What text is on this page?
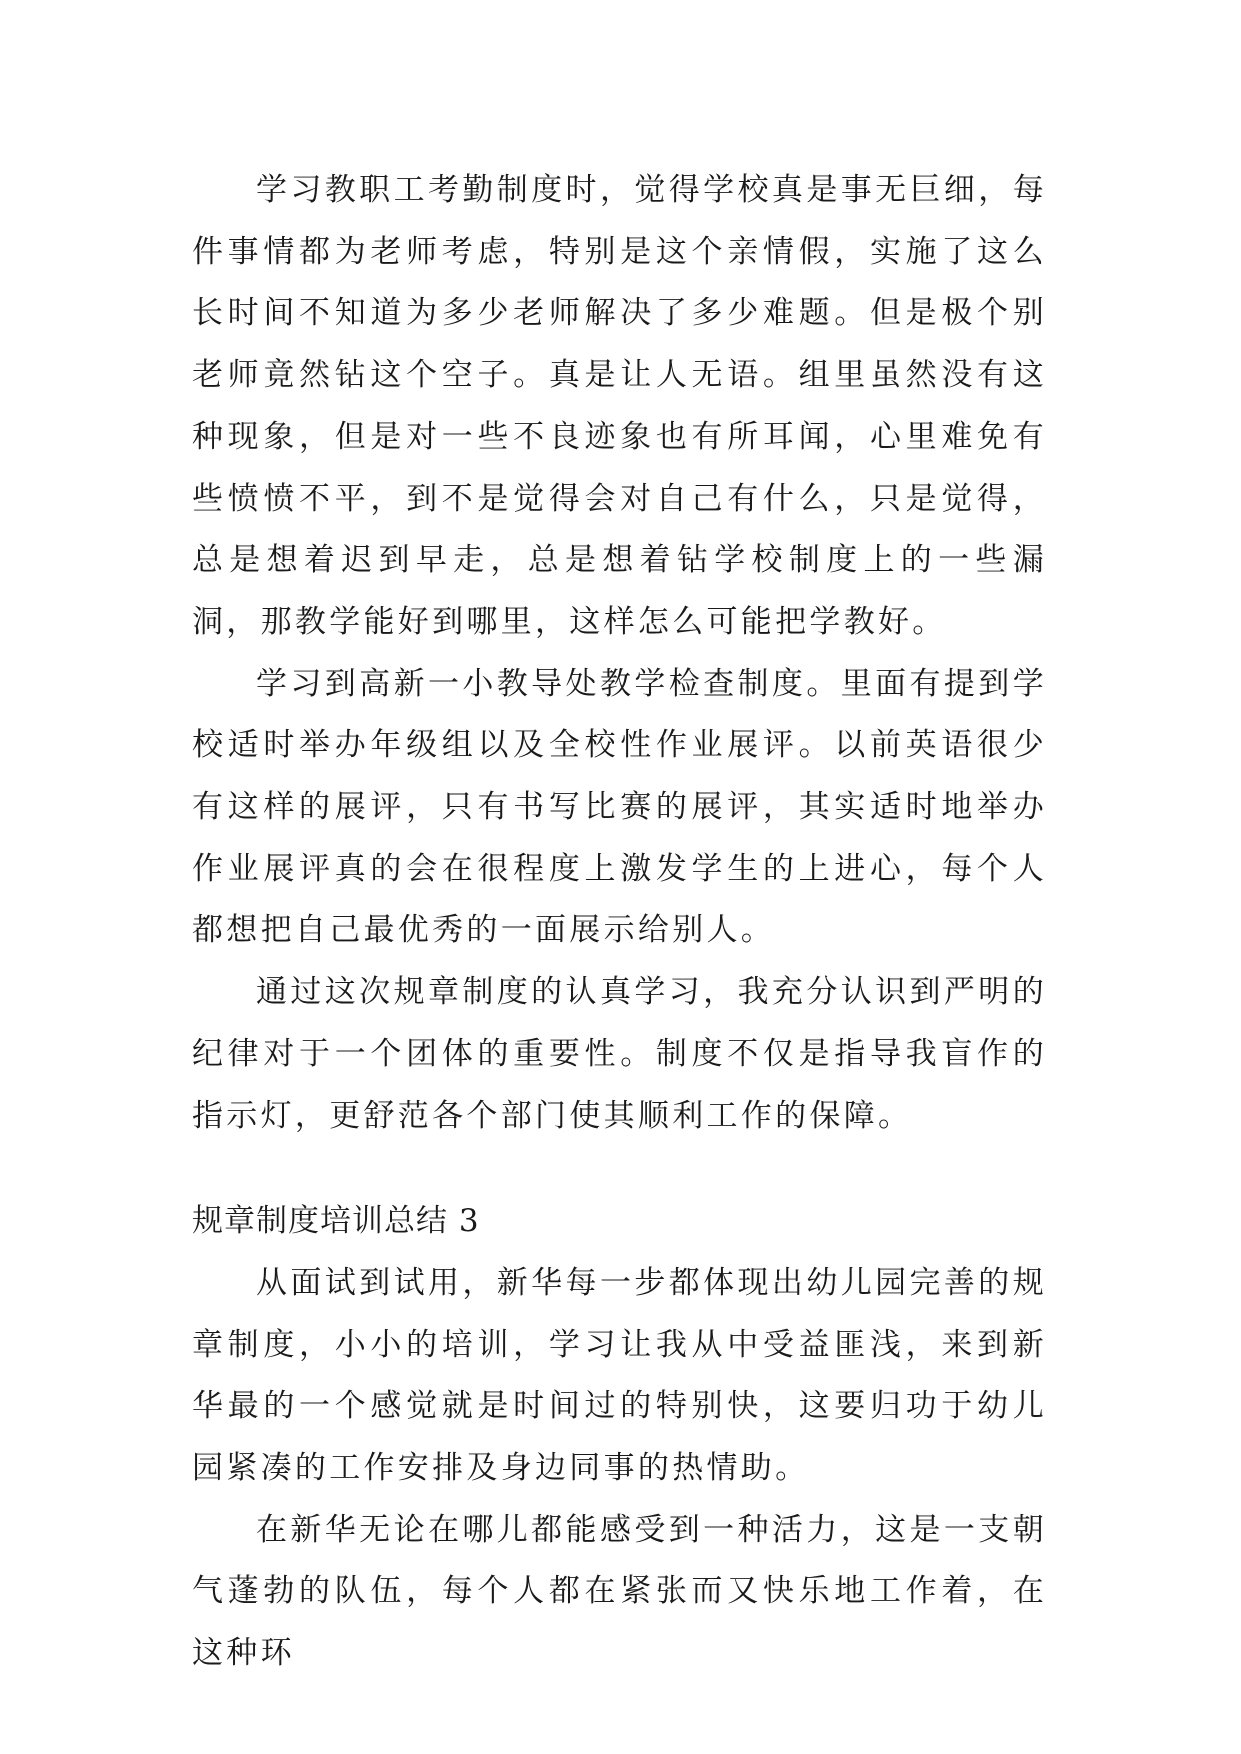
学习教职工考勤制度时，觉得学校真是事无巨细，每件事情都为老师考虑，特别是这个亲情假，实施了这么长时间不知道为多少老师解决了多少难题。但是极个别老师竟然钻这个空子。真是让人无语。组里虽然没有这种现象，但是对一些不良迹象也有所耳闻，心里难免有些愤愤不平，到不是觉得会对自己有什么，只是觉得，总是想着迟到早走，总是想着钻学校制度上的一些漏洞，那教学能好到哪里，这样怎么可能把学教好。

学习到高新一小教导处教学检查制度。里面有提到学校适时举办年级组以及全校性作业展评。以前英语很少有这样的展评，只有书写比赛的展评，其实适时地举办作业展评真的会在很程度上激发学生的上进心，每个人都想把自己最优秀的一面展示给别人。

通过这次规章制度的认真学习，我充分认识到严明的纪律对于一个团体的重要性。制度不仅是指导我盲作的指示灯，更舒范各个部门使其顺利工作的保障。

规章制度培训总结 3

从面试到试用，新华每一步都体现出幼儿园完善的规章制度，小小的培训，学习让我从中受益匪浅，来到新华最的一个感觉就是时间过的特别快，这要归功于幼儿园紧凑的工作安排及身边同事的热情助。

在新华无论在哪儿都能感受到一种活力，这是一支朝气蓬勃的队伍，每个人都在紧张而又快乐地工作着，在这种环
